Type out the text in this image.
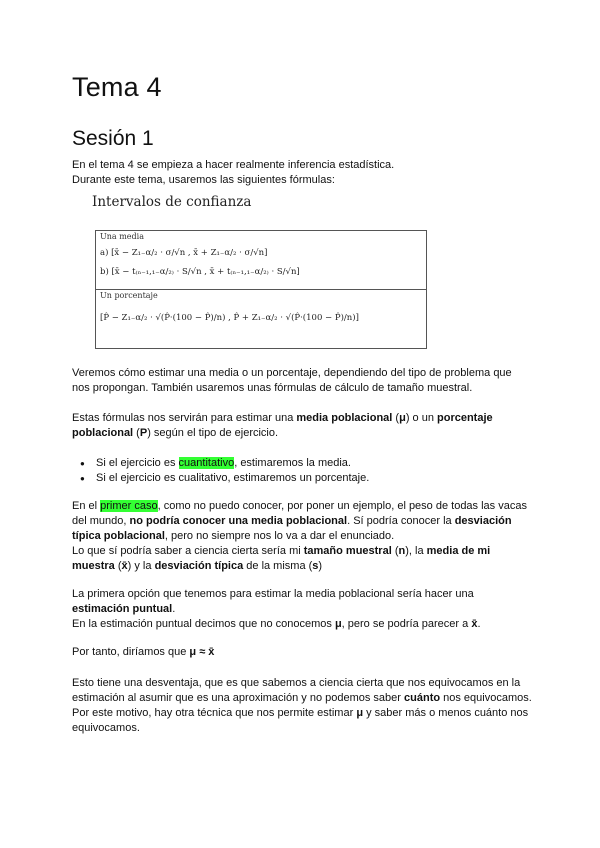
Tema 4
Sesión 1

En el tema 4 se empieza a hacer realmente inferencia estadística.
Durante este tema, usaremos las siguientes fórmulas:

Intervalos de confianza
Una media
a) [x̄ − Z₁₋α/₂ · σ/√n , x̄ + Z₁₋α/₂ · σ/√n]
b) [x̄ − t₍ₙ₋₁,₁₋α/₂₎ · S/√n , x̄ + t₍ₙ₋₁,₁₋α/₂₎ · S/√n]
Un porcentaje
[P̂ − Z₁₋α/₂ · √(P̂·(100 − P̂)/n) , P̂ + Z₁₋α/₂ · √(P̂·(100 − P̂)/n)]

Veremos cómo estimar una media o un porcentaje, dependiendo del tipo de problema que
nos propongan. También usaremos unas fórmulas de cálculo de tamaño muestral.

Estas fórmulas nos servirán para estimar una media poblacional (μ) o un porcentaje poblacional (P) según el tipo de ejercicio.

● Si el ejercicio es cuantitativo, estimaremos la media.
● Si el ejercicio es cualitativo, estimaremos un porcentaje.

En el primer caso, como no puedo conocer, por poner un ejemplo, el peso de todas las vacas del mundo, no podría conocer una media poblacional. Sí podría conocer la desviación típica poblacional, pero no siempre nos lo va a dar el enunciado.
Lo que sí podría saber a ciencia cierta sería mi tamaño muestral (n), la media de mi muestra (x̄) y la desviación típica de la misma (s)

La primera opción que tenemos para estimar la media poblacional sería hacer una estimación puntual.
En la estimación puntual decimos que no conocemos μ, pero se podría parecer a x̄.

Por tanto, diríamos que μ ≈ x̄

Esto tiene una desventaja, que es que sabemos a ciencia cierta que nos equivocamos en la estimación al asumir que es una aproximación y no podemos saber cuánto nos equivocamos.
Por este motivo, hay otra técnica que nos permite estimar μ y saber más o menos cuánto nos equivocamos.
